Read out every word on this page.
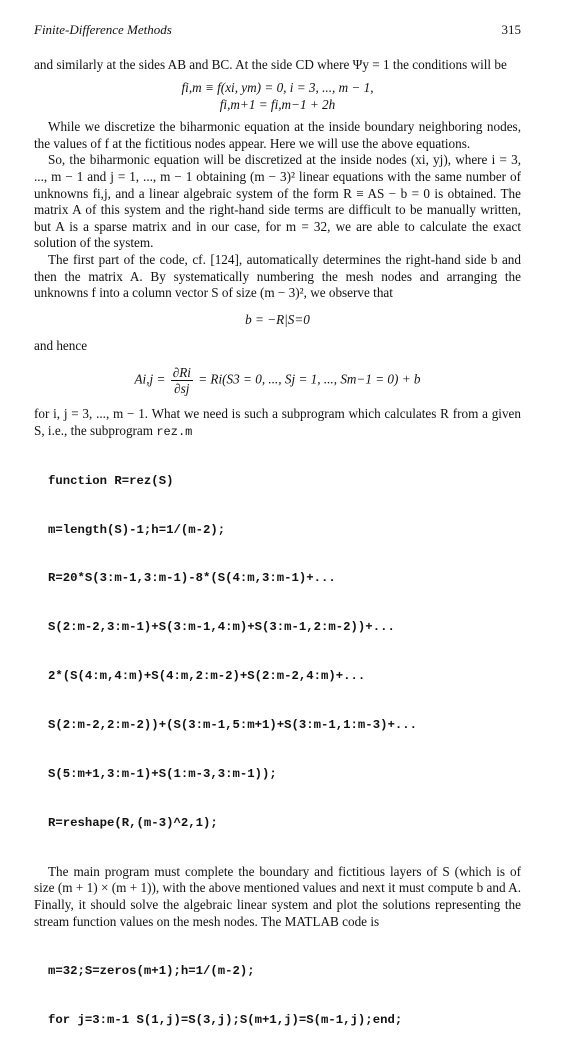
Finite-Difference Methods	315

and similarly at the sides AB and BC. At the side CD where Ψy = 1 the conditions will be

fi,m ≡ f(xi, ym) = 0, i = 3, ..., m − 1,
fi,m+1 = fi,m−1 + 2h

While we discretize the biharmonic equation at the inside boundary neighboring nodes, the values of f at the fictitious nodes appear. Here we will use the above equations.

So, the biharmonic equation will be discretized at the inside nodes (xi, yj), where i = 3, ..., m − 1 and j = 1, ..., m − 1 obtaining (m − 3)² linear equations with the same number of unknowns fi,j, and a linear algebraic system of the form R ≡ AS − b = 0 is obtained. The matrix A of this system and the right-hand side terms are difficult to be manually written, but A is a sparse matrix and in our case, for m = 32, we are able to calculate the exact solution of the system.

The first part of the code, cf. [124], automatically determines the right-hand side b and then the matrix A. By systematically numbering the mesh nodes and arranging the unknowns f into a column vector S of size (m − 3)², we observe that

b = −R|S=0

and hence

$Ai,j = \frac{\partial Ri}{\partial sj} = Ri(S3 = 0$, ..., Sj = 1, ..., Sm−1 = 0) + b

for i, j = 3, ..., m − 1. What we need is such a subprogram which calculates R from a given S, i.e., the subprogram rez.m

function R=rez(S)

m=length(S)-1;h=1/(m-2);

R=20*S(3:m-1,3:m-1)-8*(S(4:m,3:m-1)+...

S(2:m-2,3:m-1)+S(3:m-1,4:m)+S(3:m-1,2:m-2))+...

2*(S(4:m,4:m)+S(4:m,2:m-2)+S(2:m-2,4:m)+...

S(2:m-2,2:m-2))+(S(3:m-1,5:m+1)+S(3:m-1,1:m-3)+...

S(5:m+1,3:m-1)+S(1:m-3,3:m-1));

R=reshape(R,(m-3)^2,1);

The main program must complete the boundary and fictitious layers of S (which is of size (m + 1) × (m + 1)), with the above mentioned values and next it must compute b and A. Finally, it should solve the algebraic linear system and plot the solutions representing the stream function values on the mesh nodes. The MATLAB code is

m=32;S=zeros(m+1);h=1/(m-2);

for j=3:m-1 S(1,j)=S(3,j);S(m+1,j)=S(m-1,j);end;
